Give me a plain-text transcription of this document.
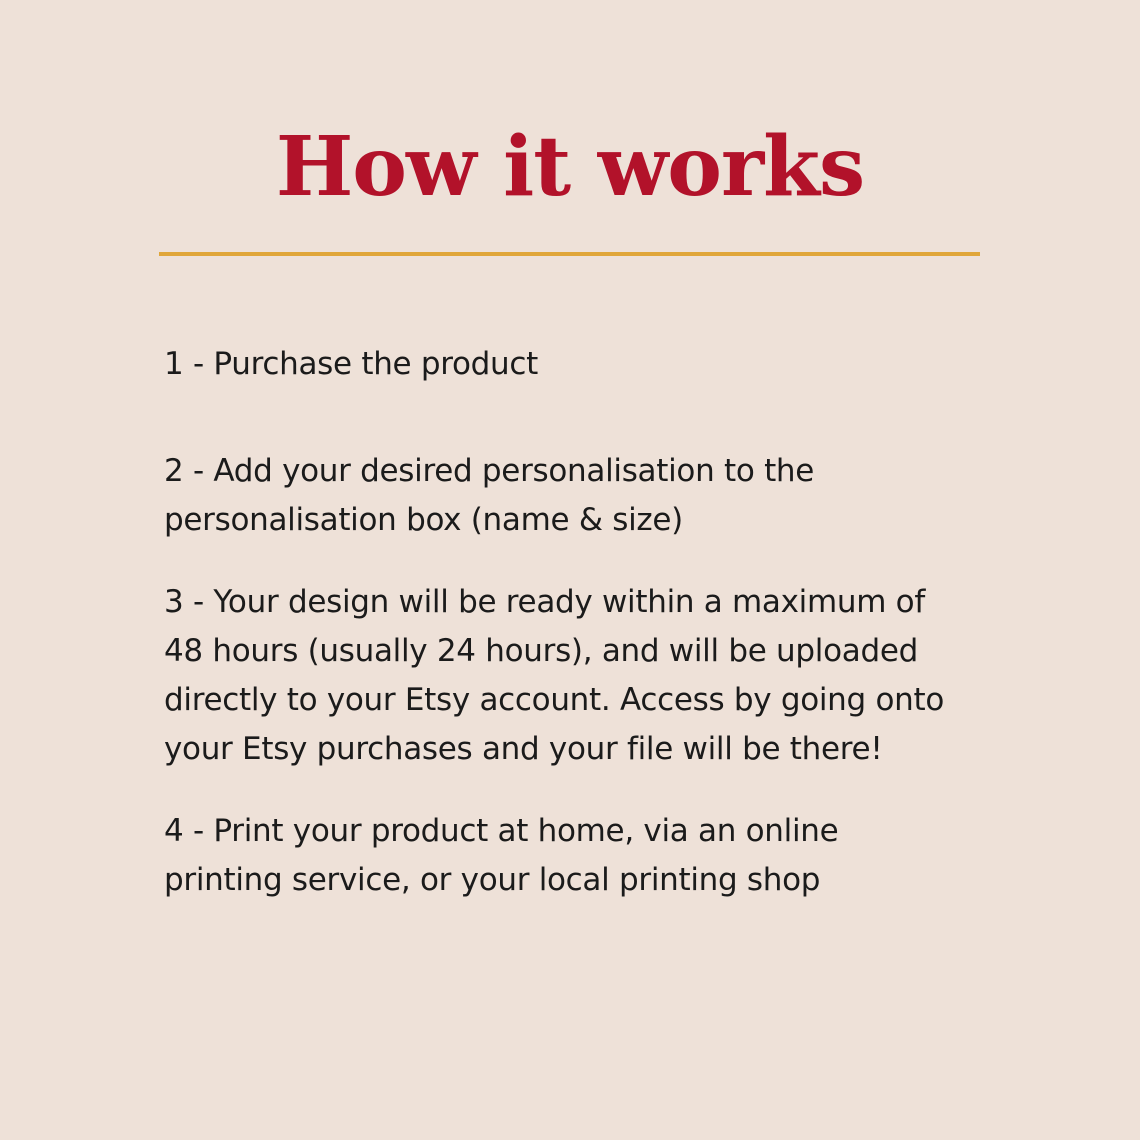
How it works
1 - Purchase the product
2 - Add your desired personalisation to the personalisation box (name & size)
3 - Your design will be ready within a maximum of 48 hours (usually 24 hours), and will be uploaded directly to your Etsy account. Access by going onto your Etsy purchases and your file will be there!
4 - Print your product at home, via an online printing service, or your local printing shop
